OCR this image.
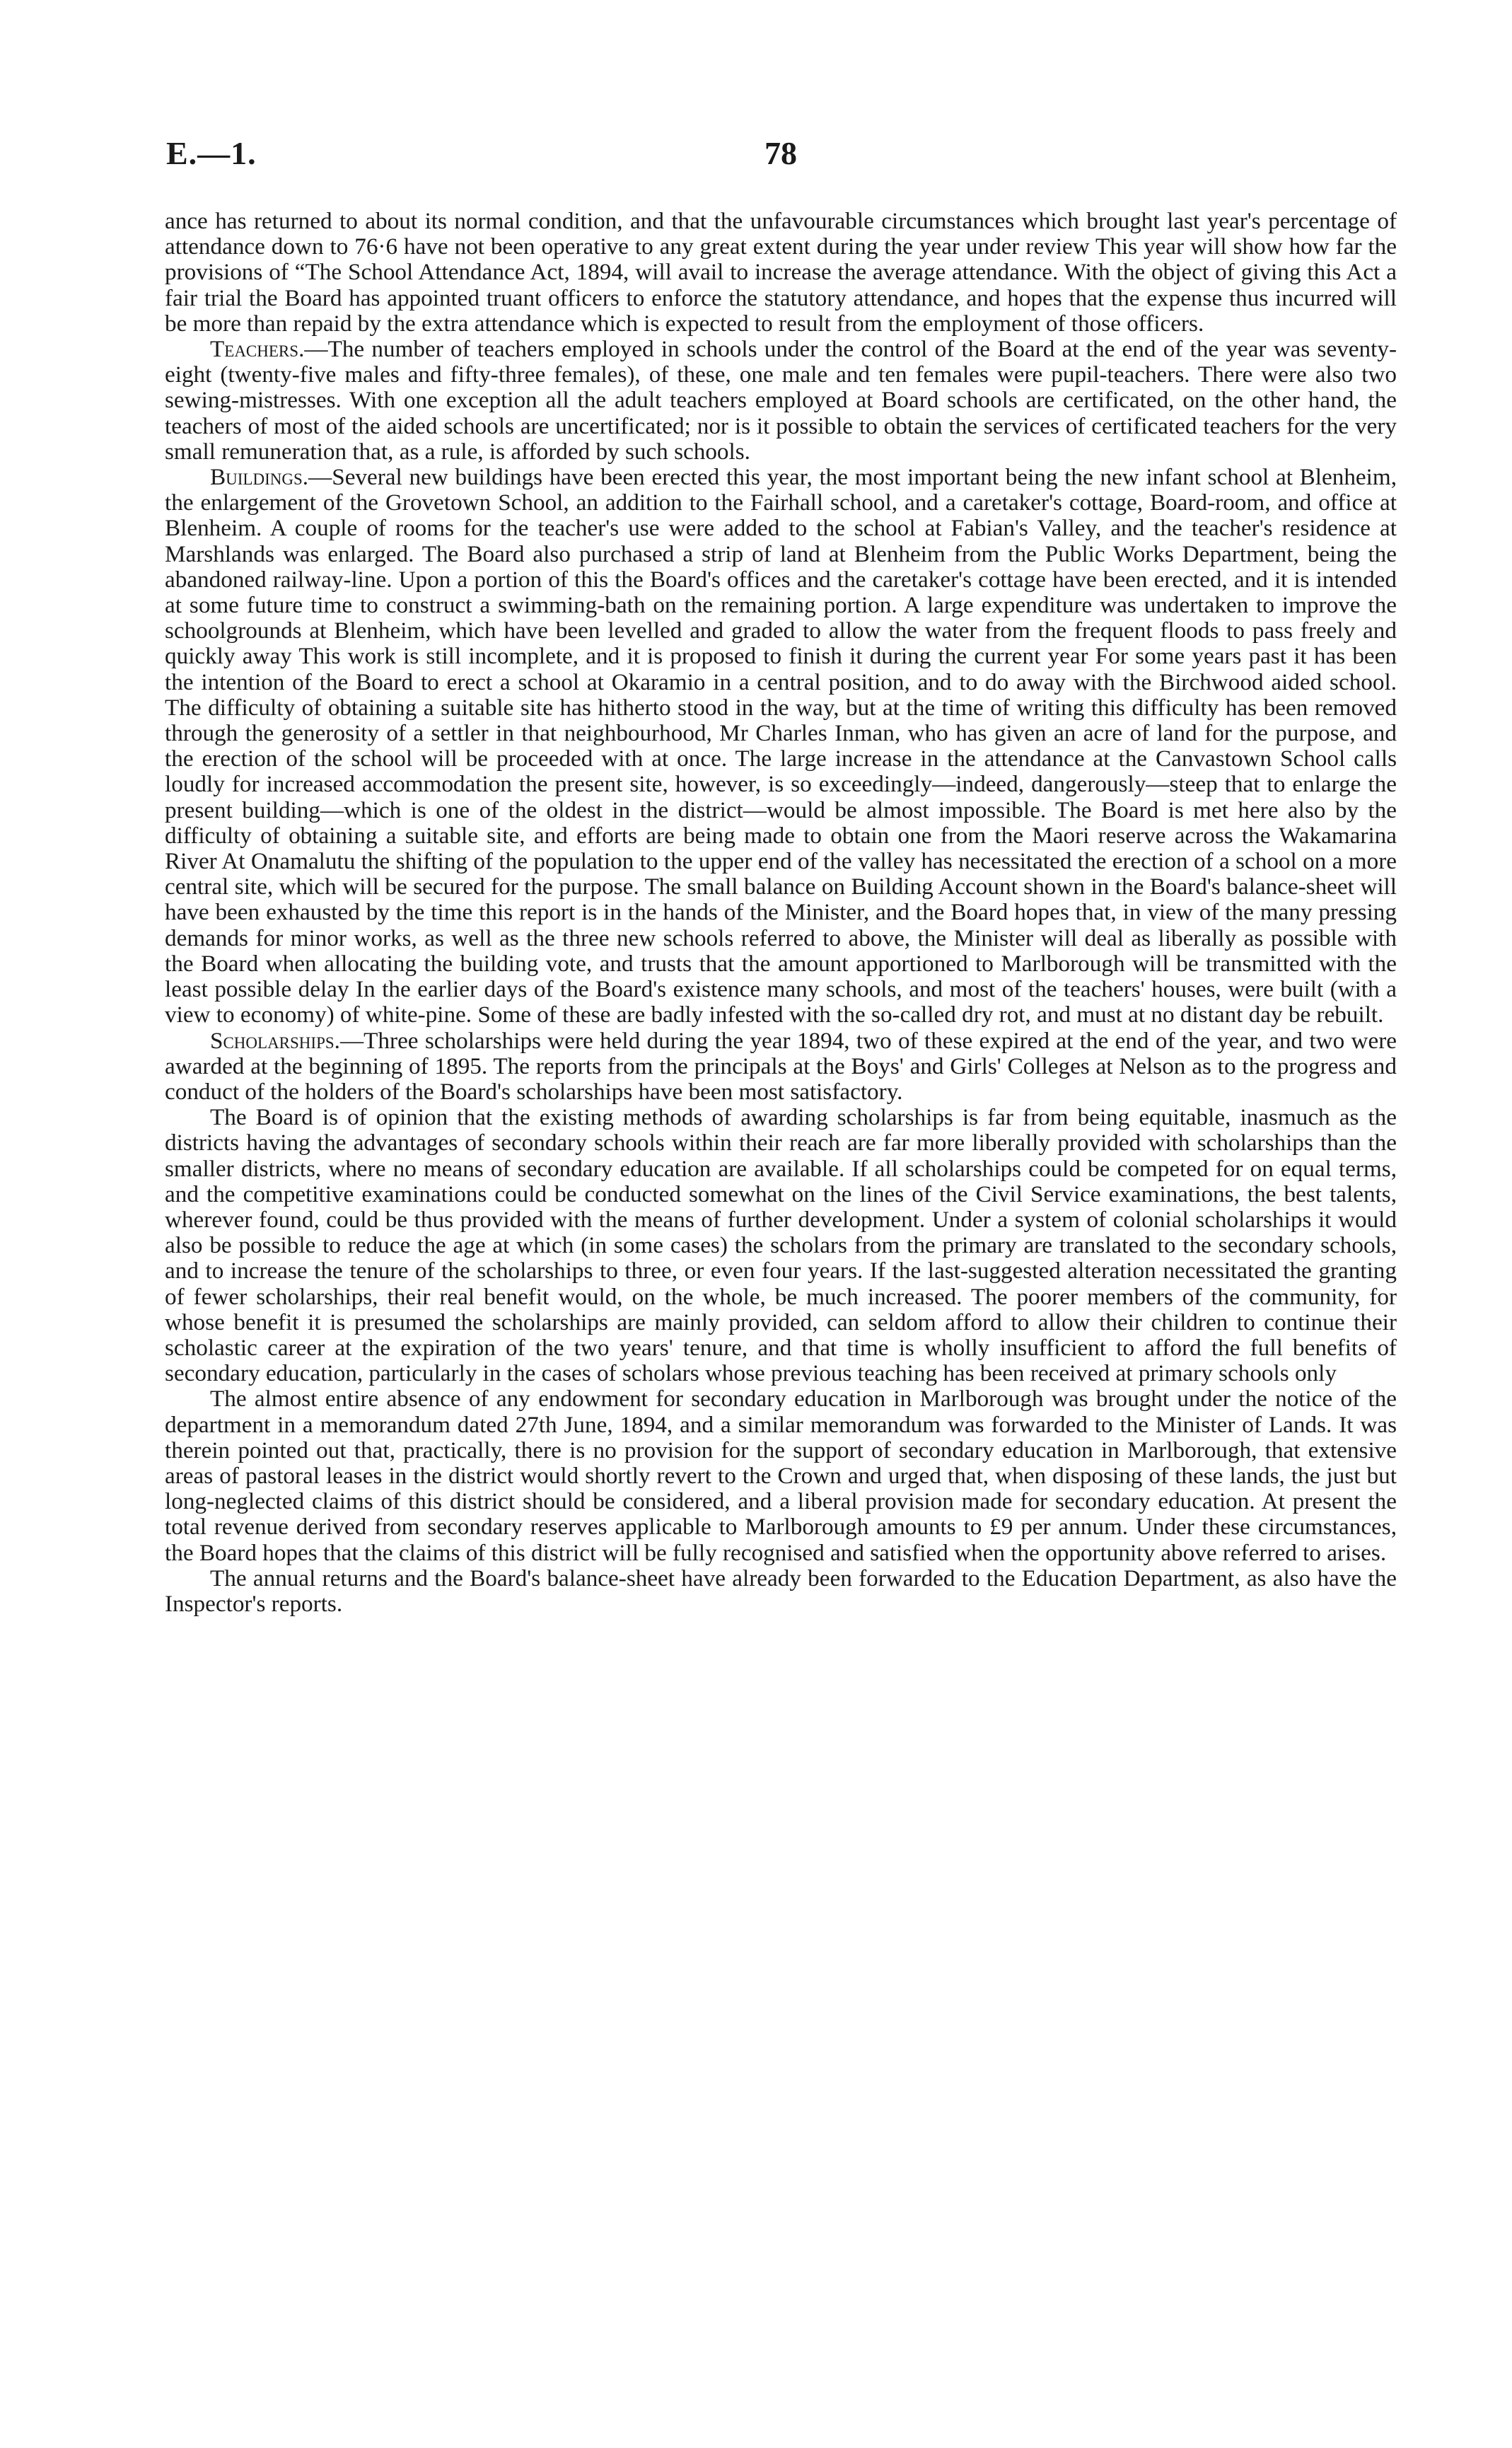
E.—1.	78

ance has returned to about its normal condition, and that the unfavourable circumstances which brought last year's percentage of attendance down to 76·6 have not been operative to any great extent during the year under review This year will show how far the provisions of “The School Attendance Act, 1894, will avail to increase the average attendance. With the object of giving this Act a fair trial the Board has appointed truant officers to enforce the statutory attendance, and hopes that the expense thus incurred will be more than repaid by the extra attendance which is expected to result from the employment of those officers.

Teachers.—The number of teachers employed in schools under the control of the Board at the end of the year was seventy-eight (twenty-five males and fifty-three females), of these, one male and ten females were pupil-teachers. There were also two sewing-mistresses. With one exception all the adult teachers employed at Board schools are certificated, on the other hand, the teachers of most of the aided schools are uncertificated; nor is it possible to obtain the services of certificated teachers for the very small remuneration that, as a rule, is afforded by such schools.

Buildings.—Several new buildings have been erected this year, the most important being the new infant school at Blenheim, the enlargement of the Grovetown School, an addition to the Fairhall school, and a caretaker's cottage, Board-room, and office at Blenheim. A couple of rooms for the teacher's use were added to the school at Fabian's Valley, and the teacher's residence at Marshlands was enlarged. The Board also purchased a strip of land at Blenheim from the Public Works Department, being the abandoned railway-line. Upon a portion of this the Board's offices and the caretaker's cottage have been erected, and it is intended at some future time to construct a swimming-bath on the remaining portion. A large expenditure was undertaken to improve the schoolgrounds at Blenheim, which have been levelled and graded to allow the water from the frequent floods to pass freely and quickly away This work is still incomplete, and it is proposed to finish it during the current year For some years past it has been the intention of the Board to erect a school at Okaramio in a central position, and to do away with the Birchwood aided school. The difficulty of obtaining a suitable site has hitherto stood in the way, but at the time of writing this difficulty has been removed through the generosity of a settler in that neighbourhood, Mr Charles Inman, who has given an acre of land for the purpose, and the erection of the school will be proceeded with at once. The large increase in the attendance at the Canvastown School calls loudly for increased accommodation the present site, however, is so exceedingly—indeed, dangerously—steep that to enlarge the present building—which is one of the oldest in the district—would be almost impossible. The Board is met here also by the difficulty of obtaining a suitable site, and efforts are being made to obtain one from the Maori reserve across the Wakamarina River At Onamalutu the shifting of the population to the upper end of the valley has necessitated the erection of a school on a more central site, which will be secured for the purpose. The small balance on Building Account shown in the Board's balance-sheet will have been exhausted by the time this report is in the hands of the Minister, and the Board hopes that, in view of the many pressing demands for minor works, as well as the three new schools referred to above, the Minister will deal as liberally as possible with the Board when allocating the building vote, and trusts that the amount apportioned to Marlborough will be transmitted with the least possible delay In the earlier days of the Board's existence many schools, and most of the teachers' houses, were built (with a view to economy) of white-pine. Some of these are badly infested with the so-called dry rot, and must at no distant day be rebuilt.

Scholarships.—Three scholarships were held during the year 1894, two of these expired at the end of the year, and two were awarded at the beginning of 1895. The reports from the principals at the Boys' and Girls' Colleges at Nelson as to the progress and conduct of the holders of the Board's scholarships have been most satisfactory.

The Board is of opinion that the existing methods of awarding scholarships is far from being equitable, inasmuch as the districts having the advantages of secondary schools within their reach are far more liberally provided with scholarships than the smaller districts, where no means of secondary education are available. If all scholarships could be competed for on equal terms, and the competitive examinations could be conducted somewhat on the lines of the Civil Service examinations, the best talents, wherever found, could be thus provided with the means of further development. Under a system of colonial scholarships it would also be possible to reduce the age at which (in some cases) the scholars from the primary are translated to the secondary schools, and to increase the tenure of the scholarships to three, or even four years. If the last-suggested alteration necessitated the granting of fewer scholarships, their real benefit would, on the whole, be much increased. The poorer members of the community, for whose benefit it is presumed the scholarships are mainly provided, can seldom afford to allow their children to continue their scholastic career at the expiration of the two years' tenure, and that time is wholly insufficient to afford the full benefits of secondary education, particularly in the cases of scholars whose previous teaching has been received at primary schools only

The almost entire absence of any endowment for secondary education in Marlborough was brought under the notice of the department in a memorandum dated 27th June, 1894, and a similar memorandum was forwarded to the Minister of Lands. It was therein pointed out that, practically, there is no provision for the support of secondary education in Marlborough, that extensive areas of pastoral leases in the district would shortly revert to the Crown and urged that, when disposing of these lands, the just but long-neglected claims of this district should be considered, and a liberal provision made for secondary education. At present the total revenue derived from secondary reserves applicable to Marlborough amounts to £9 per annum. Under these circumstances, the Board hopes that the claims of this district will be fully recognised and satisfied when the opportunity above referred to arises.

The annual returns and the Board's balance-sheet have already been forwarded to the Education Department, as also have the Inspector's reports.
